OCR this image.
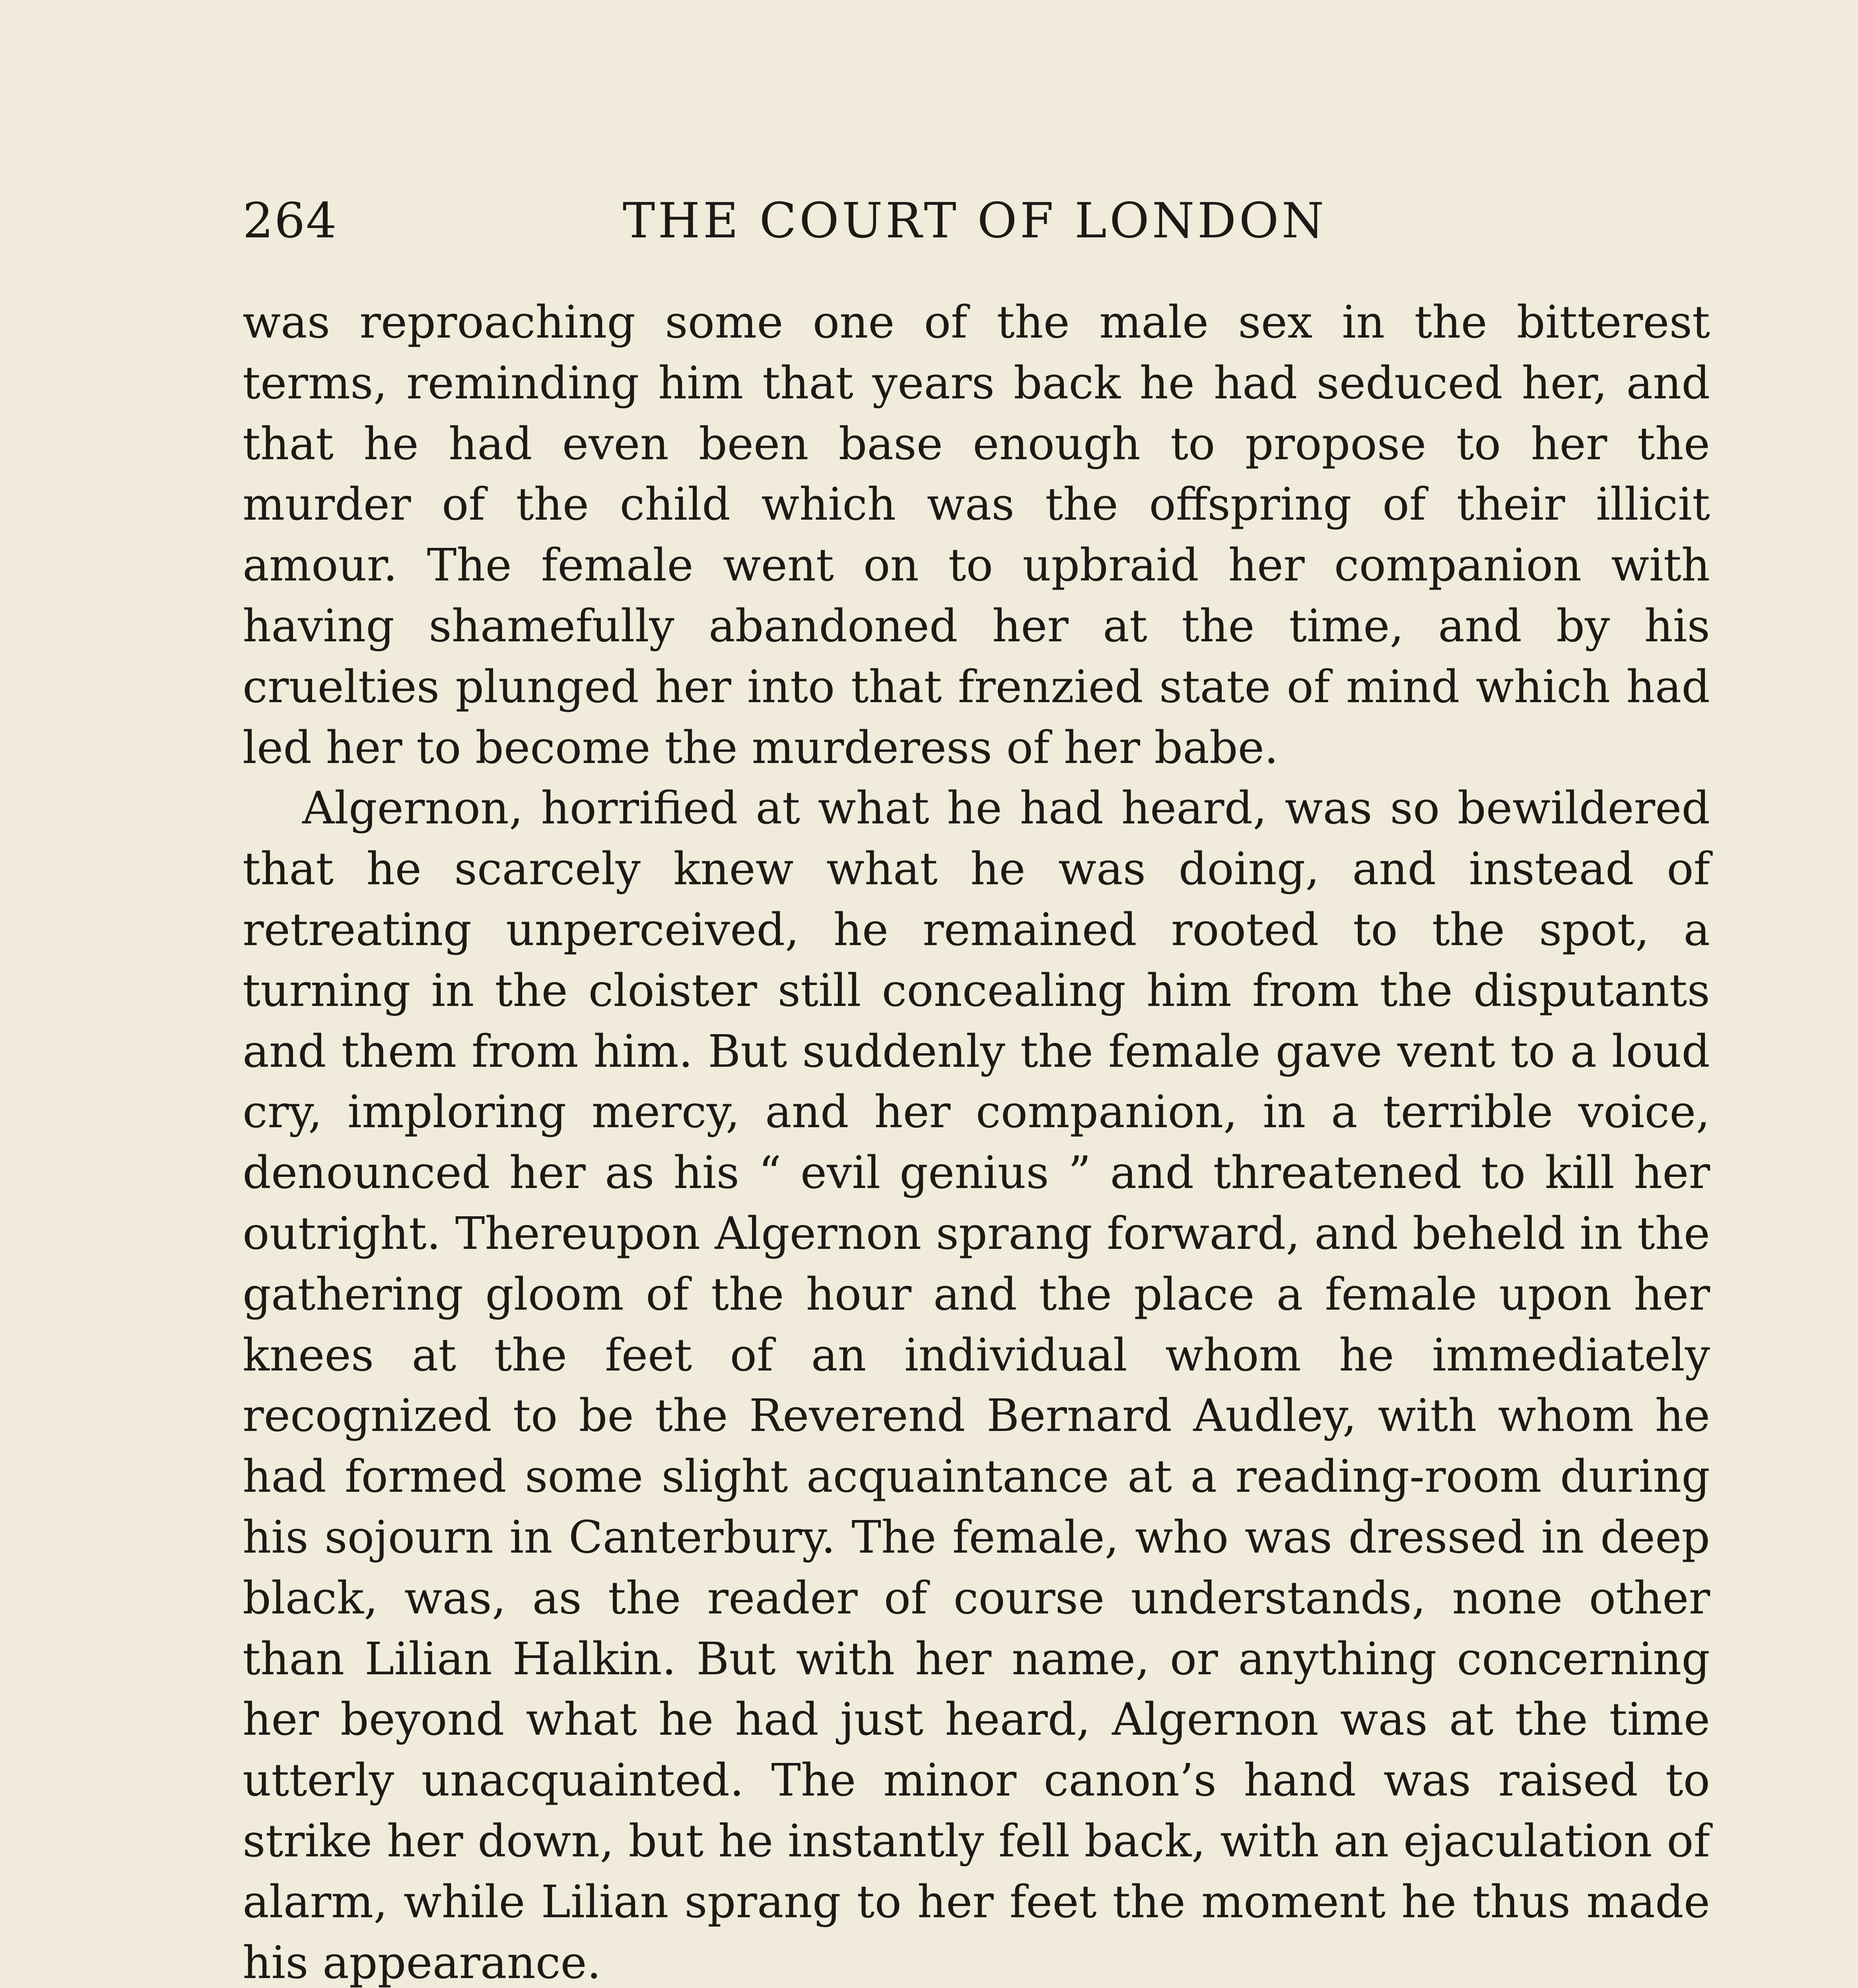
264	THE COURT OF LONDON

was reproaching some one of the male sex in the bitterest terms, reminding him that years back he had seduced her, and that he had even been base enough to propose to her the murder of the child which was the offspring of their illicit amour. The female went on to upbraid her companion with having shamefully abandoned her at the time, and by his cruelties plunged her into that frenzied state of mind which had led her to become the murderess of her babe.

Algernon, horrified at what he had heard, was so bewildered that he scarcely knew what he was doing, and instead of retreating unperceived, he remained rooted to the spot, a turning in the cloister still concealing him from the disputants and them from him. But suddenly the female gave vent to a loud cry, imploring mercy, and her companion, in a terrible voice, denounced her as his “ evil genius ” and threatened to kill her outright. Thereupon Algernon sprang forward, and beheld in the gathering gloom of the hour and the place a female upon her knees at the feet of an individual whom he immediately recognized to be the Reverend Bernard Audley, with whom he had formed some slight acquaintance at a reading-room during his sojourn in Canterbury. The female, who was dressed in deep black, was, as the reader of course understands, none other than Lilian Halkin. But with her name, or anything concerning her beyond what he had just heard, Algernon was at the time utterly unacquainted. The minor canon’s hand was raised to strike her down, but he instantly fell back, with an ejaculation of alarm, while Lilian sprang to her feet the moment he thus made his appearance.
